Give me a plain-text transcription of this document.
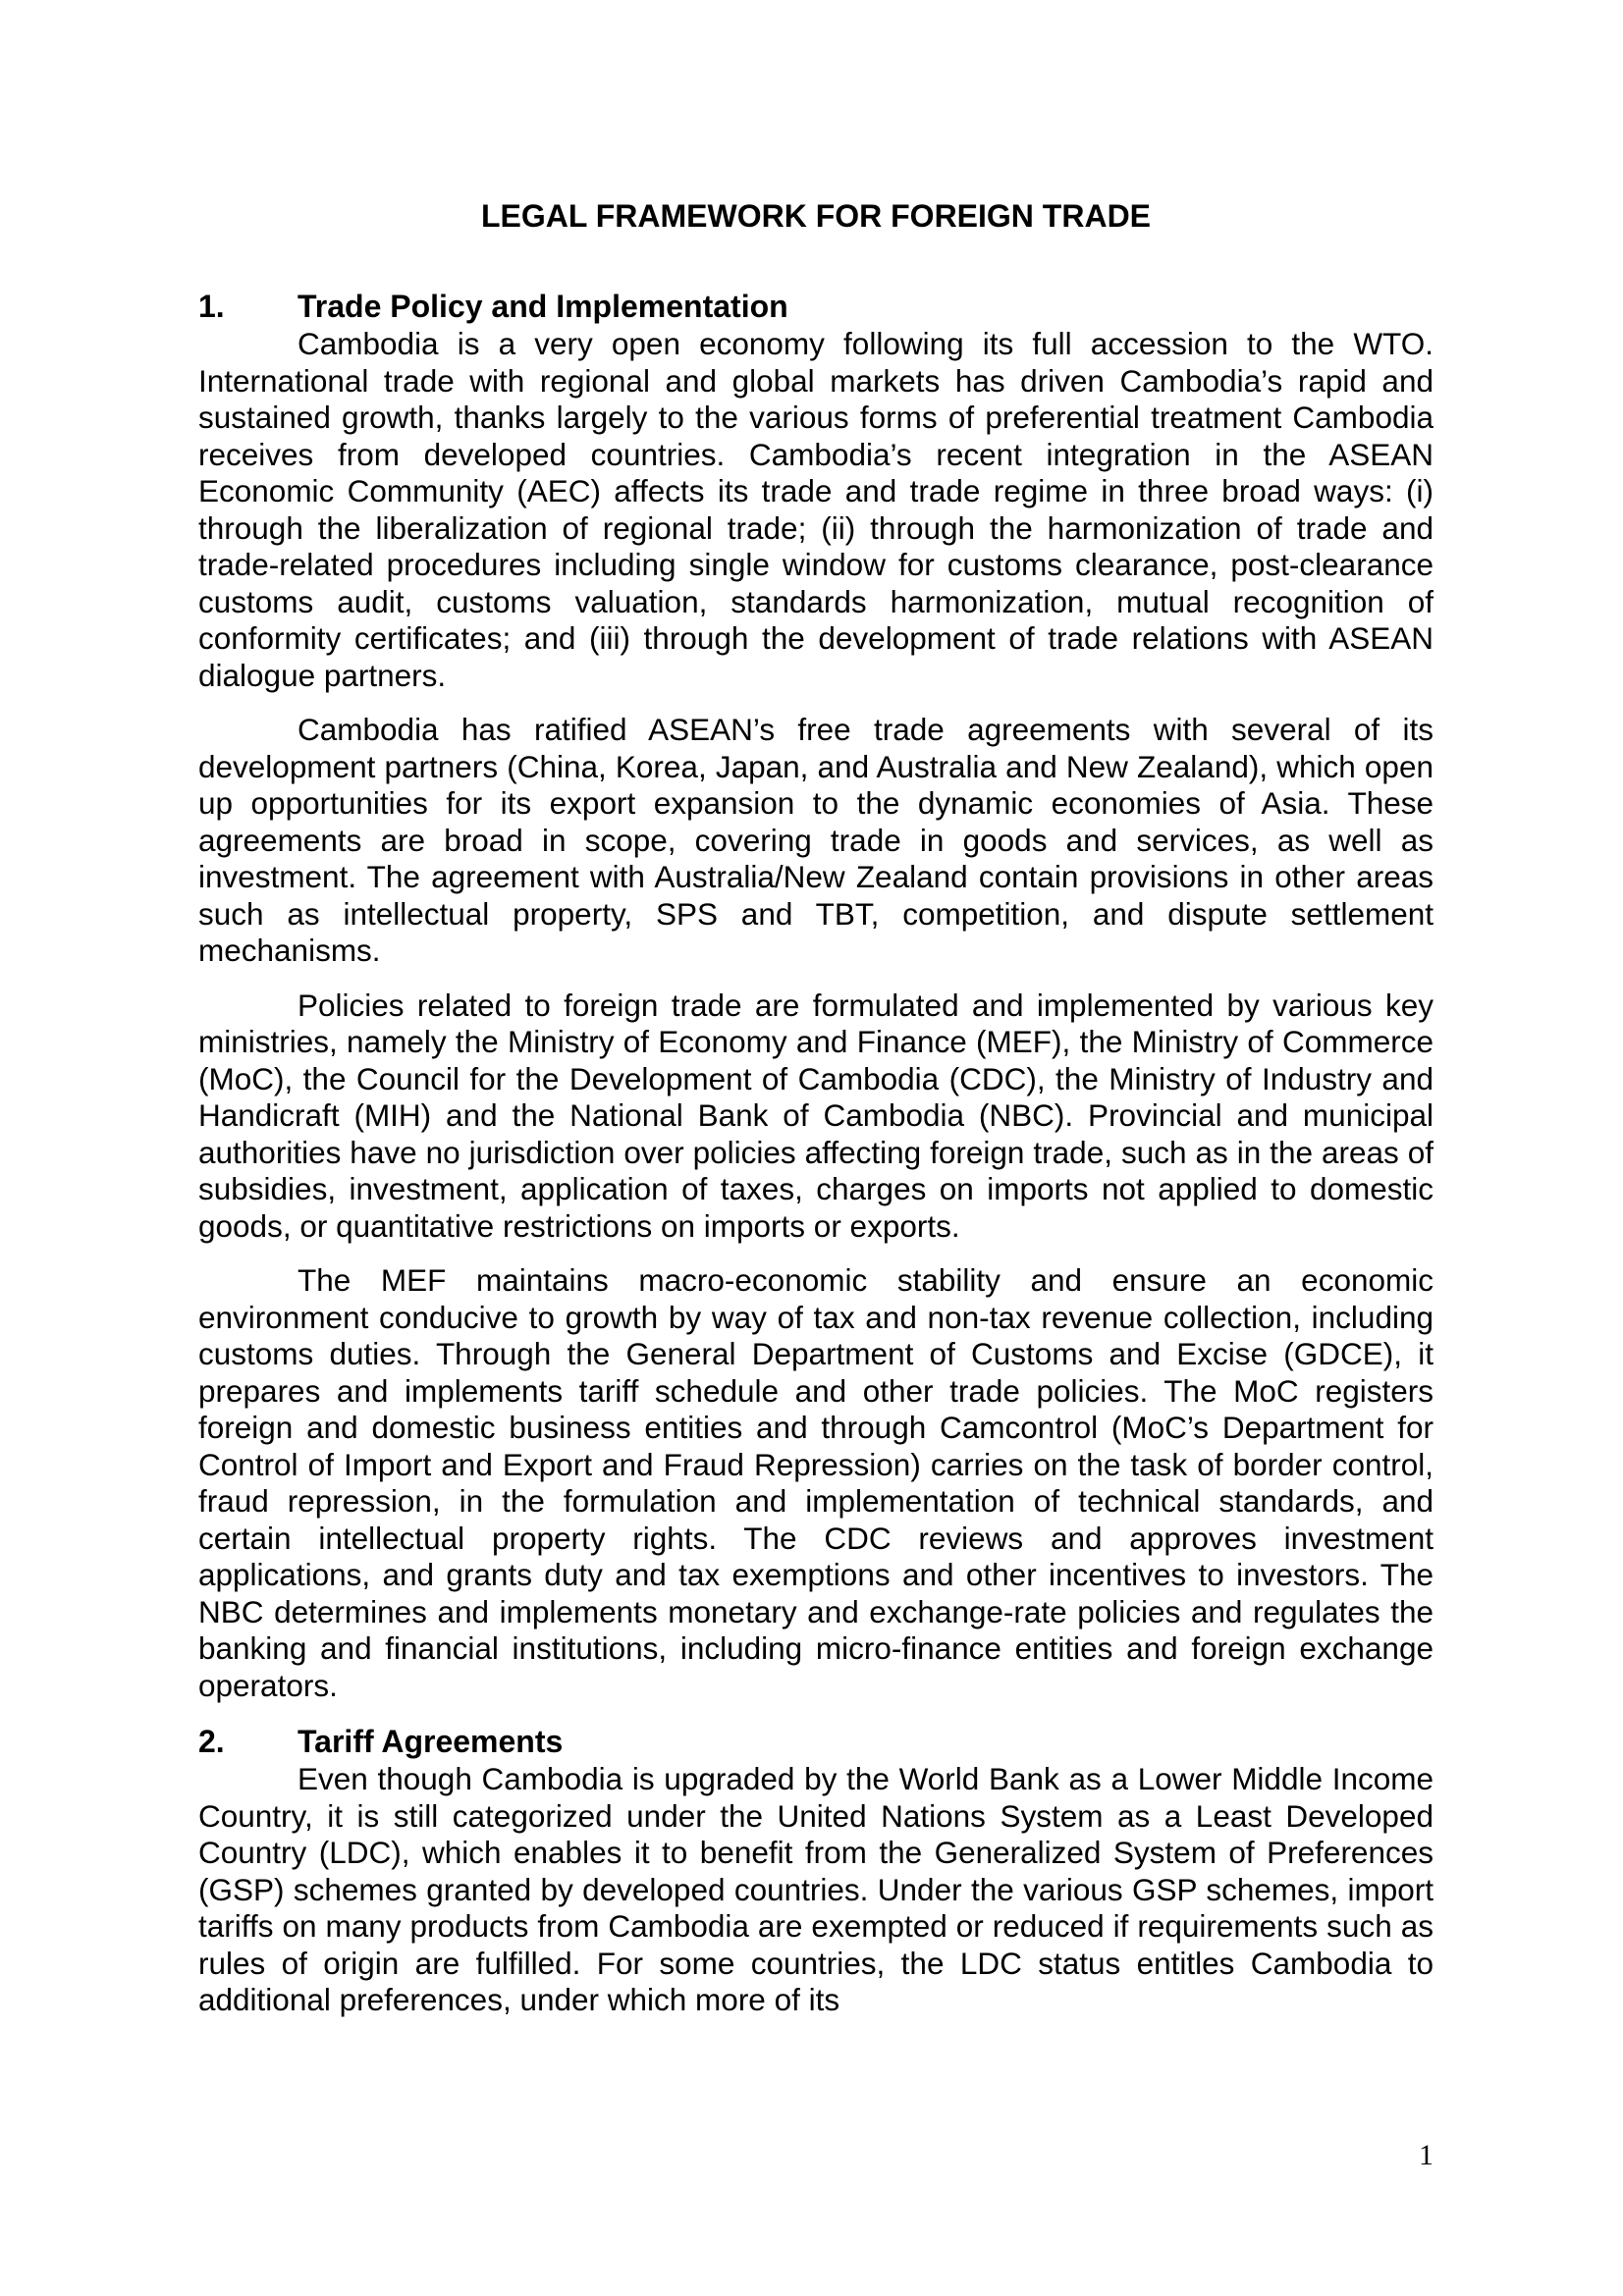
LEGAL FRAMEWORK FOR FOREIGN TRADE
1.	Trade Policy and Implementation

Cambodia is a very open economy following its full accession to the WTO. International trade with regional and global markets has driven Cambodia’s rapid and sustained growth, thanks largely to the various forms of preferential treatment Cambodia receives from developed countries. Cambodia’s recent integration in the ASEAN Economic Community (AEC) affects its trade and trade regime in three broad ways: (i) through the liberalization of regional trade; (ii) through the harmonization of trade and trade-related procedures including single window for customs clearance, post-clearance customs audit, customs valuation, standards harmonization, mutual recognition of conformity certificates; and (iii) through the development of trade relations with ASEAN dialogue partners.

Cambodia has ratified ASEAN’s free trade agreements with several of its development partners (China, Korea, Japan, and Australia and New Zealand), which open up opportunities for its export expansion to the dynamic economies of Asia. These agreements are broad in scope, covering trade in goods and services, as well as investment. The agreement with Australia/New Zealand contain provisions in other areas such as intellectual property, SPS and TBT, competition, and dispute settlement mechanisms.

Policies related to foreign trade are formulated and implemented by various key ministries, namely the Ministry of Economy and Finance (MEF), the Ministry of Commerce (MoC), the Council for the Development of Cambodia (CDC), the Ministry of Industry and Handicraft (MIH) and the National Bank of Cambodia (NBC). Provincial and municipal authorities have no jurisdiction over policies affecting foreign trade, such as in the areas of subsidies, investment, application of taxes, charges on imports not applied to domestic goods, or quantitative restrictions on imports or exports.

The MEF maintains macro-economic stability and ensure an economic environment conducive to growth by way of tax and non-tax revenue collection, including customs duties. Through the General Department of Customs and Excise (GDCE), it prepares and implements tariff schedule and other trade policies. The MoC registers foreign and domestic business entities and through Camcontrol (MoC’s Department for Control of Import and Export and Fraud Repression) carries on the task of border control, fraud repression, in the formulation and implementation of technical standards, and certain intellectual property rights. The CDC reviews and approves investment applications, and grants duty and tax exemptions and other incentives to investors. The NBC determines and implements monetary and exchange-rate policies and regulates the banking and financial institutions, including micro-finance entities and foreign exchange operators.

2.	Tariff Agreements

Even though Cambodia is upgraded by the World Bank as a Lower Middle Income Country, it is still categorized under the United Nations System as a Least Developed Country (LDC), which enables it to benefit from the Generalized System of Preferences (GSP) schemes granted by developed countries. Under the various GSP schemes, import tariffs on many products from Cambodia are exempted or reduced if requirements such as rules of origin are fulfilled. For some countries, the LDC status entitles Cambodia to additional preferences, under which more of its

1
